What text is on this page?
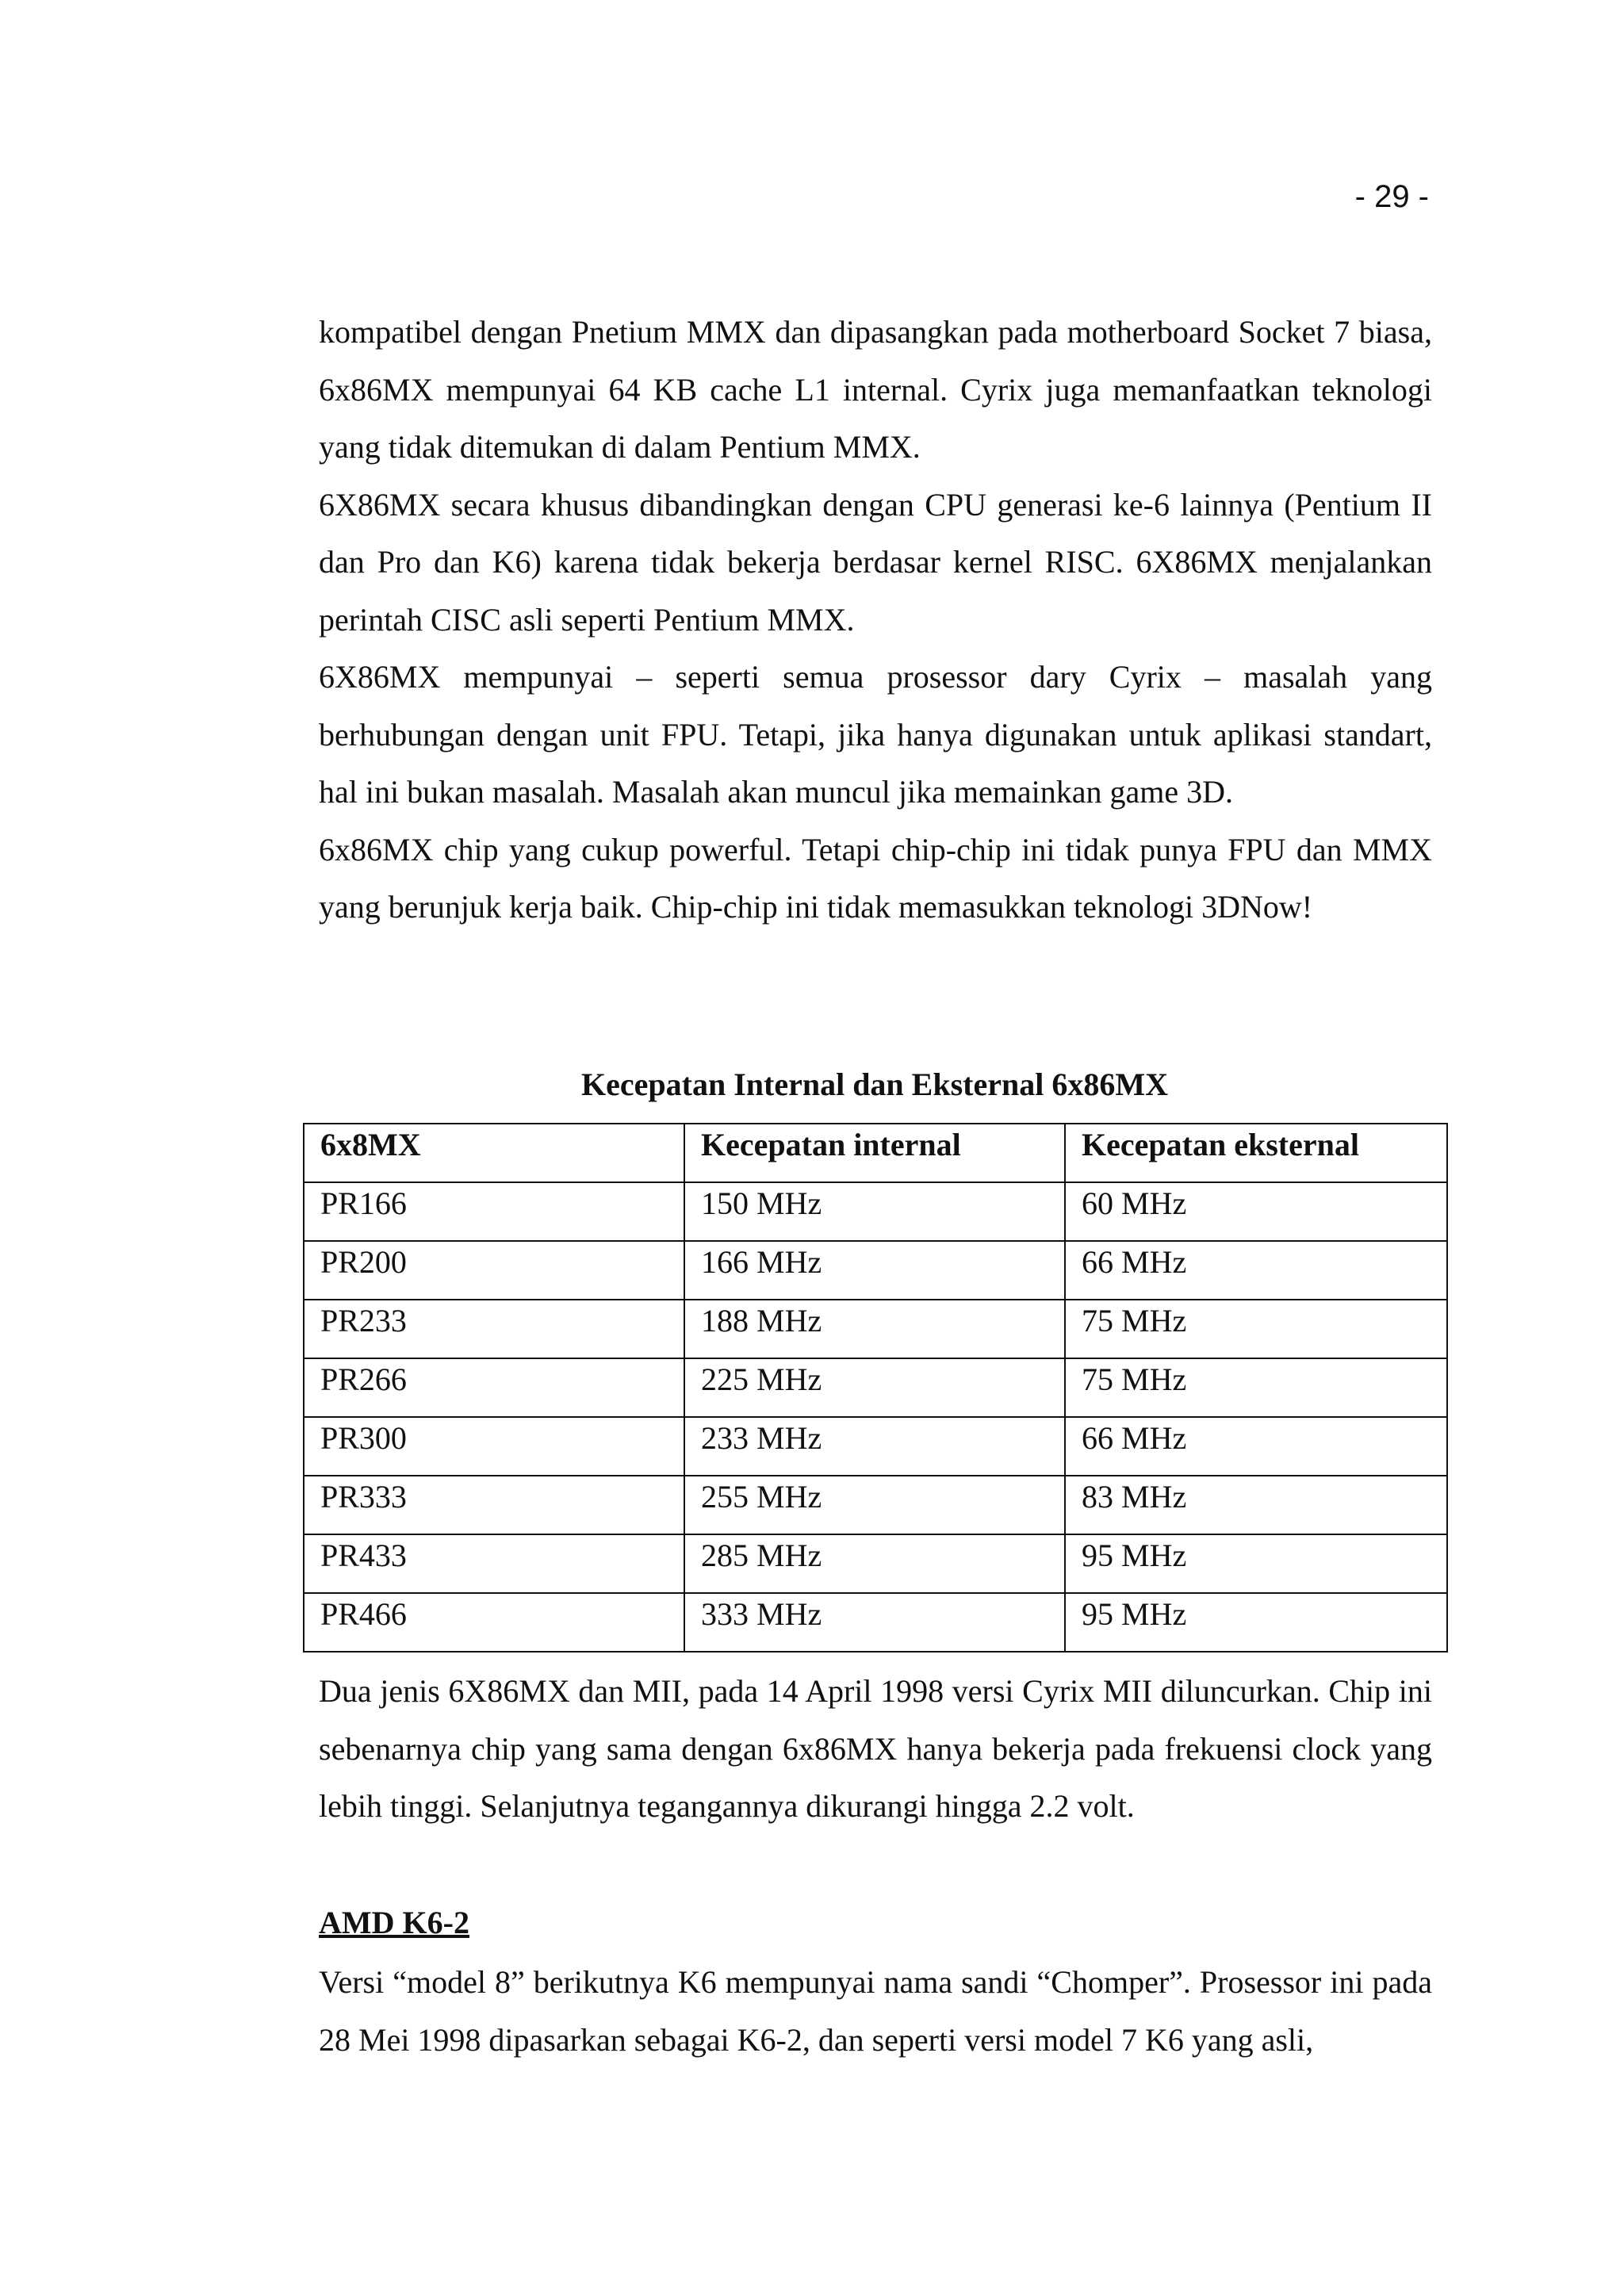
- 29 -

kompatibel dengan Pnetium MMX dan dipasangkan pada motherboard Socket 7 biasa, 6x86MX mempunyai 64 KB cache L1 internal. Cyrix juga memanfaatkan teknologi yang tidak ditemukan di dalam Pentium MMX.

6X86MX secara khusus dibandingkan dengan CPU generasi ke-6 lainnya (Pentium II dan Pro dan K6) karena tidak bekerja berdasar kernel RISC. 6X86MX menjalankan perintah CISC asli seperti Pentium MMX.

6X86MX mempunyai – seperti semua prosessor dary Cyrix – masalah yang berhubungan dengan unit FPU. Tetapi, jika hanya digunakan untuk aplikasi standart, hal ini bukan masalah. Masalah akan muncul jika memainkan game 3D.

6x86MX chip yang cukup powerful. Tetapi chip-chip ini tidak punya FPU dan MMX yang berunjuk kerja baik. Chip-chip ini tidak memasukkan teknologi 3DNow!

Kecepatan Internal dan Eksternal 6x86MX
6x8MX	Kecepatan internal	Kecepatan eksternal
PR166	150 MHz	60 MHz
PR200	166 MHz	66 MHz
PR233	188 MHz	75 MHz
PR266	225 MHz	75 MHz
PR300	233 MHz	66 MHz
PR333	255 MHz	83 MHz
PR433	285 MHz	95 MHz
PR466	333 MHz	95 MHz

Dua jenis 6X86MX dan MII, pada 14 April 1998 versi Cyrix MII diluncurkan. Chip ini sebenarnya chip yang sama dengan 6x86MX hanya bekerja pada frekuensi clock yang lebih tinggi. Selanjutnya tegangannya dikurangi hingga 2.2 volt.

AMD K6-2

Versi “model 8” berikutnya K6 mempunyai nama sandi “Chomper”. Prosessor ini pada 28 Mei 1998 dipasarkan sebagai K6-2, dan seperti versi model 7 K6 yang asli,
